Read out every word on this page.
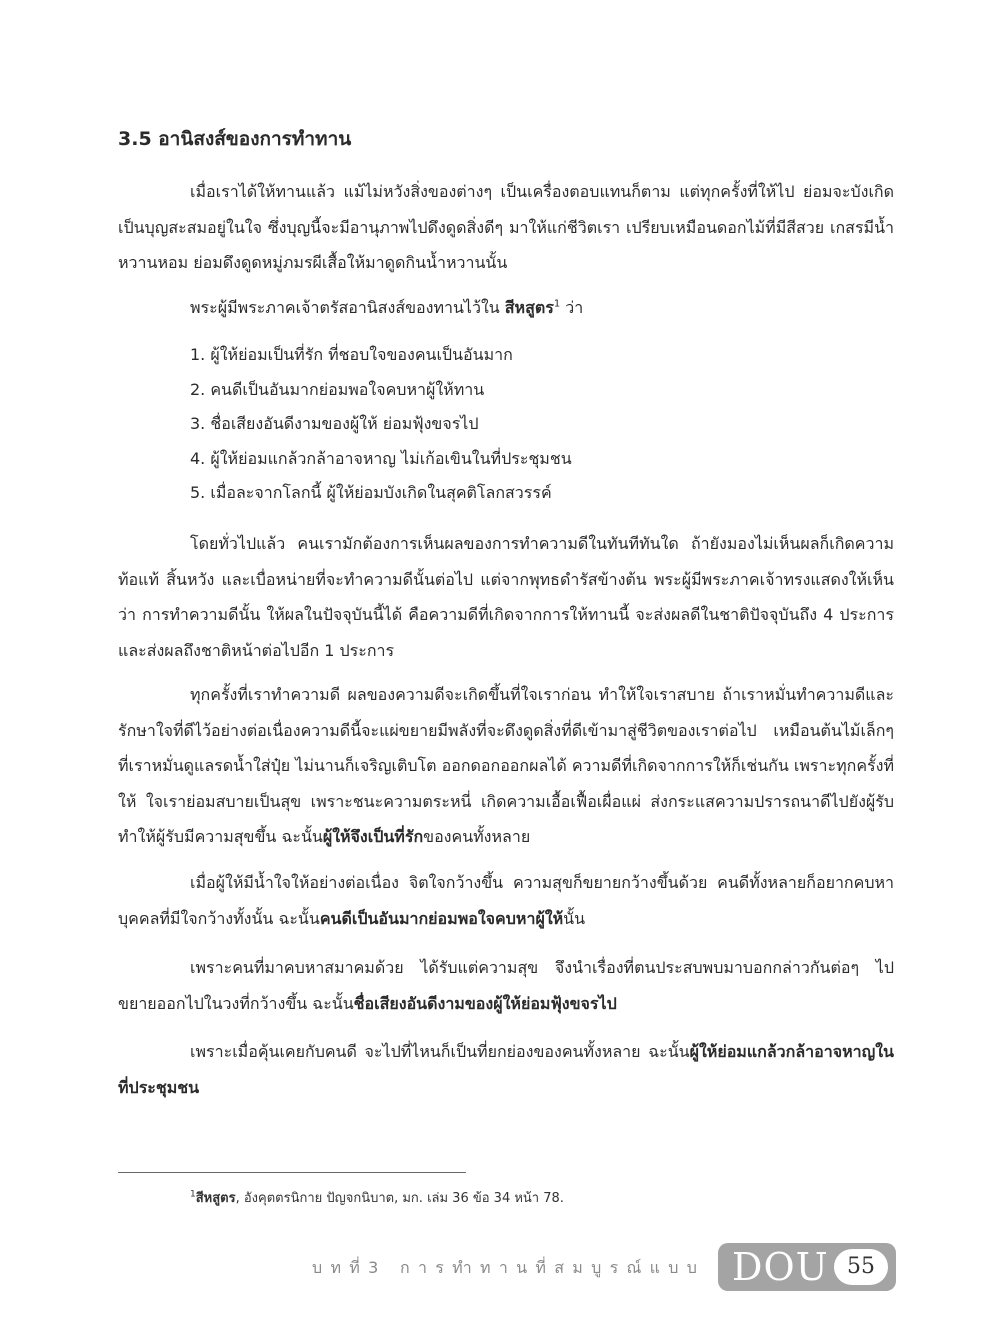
3.5 อานิสงส์ของการทำทาน

เมื่อเราได้ให้ทานแล้ว แม้ไม่หวังสิ่งของต่างๆ เป็นเครื่องตอบแทนก็ตาม แต่ทุกครั้งที่ให้ไป ย่อมจะบังเกิดเป็นบุญสะสมอยู่ในใจ ซึ่งบุญนี้จะมีอานุภาพไปดึงดูดสิ่งดีๆ มาให้แก่ชีวิตเรา เปรียบเหมือนดอกไม้ที่มีสีสวย เกสรมีน้ำหวานหอม ย่อมดึงดูดหมู่ภมรผีเสื้อให้มาดูดกินน้ำหวานนั้น

พระผู้มีพระภาคเจ้าตรัสอานิสงส์ของทานไว้ใน สีหสูตร$^1$ ว่า

1. ผู้ให้ย่อมเป็นที่รัก ที่ชอบใจของคนเป็นอันมาก
2. คนดีเป็นอันมากย่อมพอใจคบหาผู้ให้ทาน
3. ชื่อเสียงอันดีงามของผู้ให้ ย่อมฟุ้งขจรไป
4. ผู้ให้ย่อมแกล้วกล้าอาจหาญ ไม่เก้อเขินในที่ประชุมชน
5. เมื่อละจากโลกนี้ ผู้ให้ย่อมบังเกิดในสุคติโลกสวรรค์

โดยทั่วไปแล้ว คนเรามักต้องการเห็นผลของการทำความดีในทันทีทันใด ถ้ายังมองไม่เห็นผลก็เกิดความท้อแท้ สิ้นหวัง และเบื่อหน่ายที่จะทำความดีนั้นต่อไป แต่จากพุทธดำรัสข้างต้น พระผู้มีพระภาคเจ้าทรงแสดงให้เห็นว่า การทำความดีนั้น ให้ผลในปัจจุบันนี้ได้ คือความดีที่เกิดจากการให้ทานนี้ จะส่งผลดีในชาติปัจจุบันถึง 4 ประการ และส่งผลถึงชาติหน้าต่อไปอีก 1 ประการ

ทุกครั้งที่เราทำความดี ผลของความดีจะเกิดขึ้นที่ใจเราก่อน ทำให้ใจเราสบาย ถ้าเราหมั่นทำความดีและรักษาใจที่ดีไว้อย่างต่อเนื่องความดีนี้จะแผ่ขยายมีพลังที่จะดึงดูดสิ่งที่ดีเข้ามาสู่ชีวิตของเราต่อไป เหมือนต้นไม้เล็กๆ ที่เราหมั่นดูแลรดน้ำใส่ปุ๋ย ไม่นานก็เจริญเติบโต ออกดอกออกผลได้ ความดีที่เกิดจากการให้ก็เช่นกัน เพราะทุกครั้งที่ให้ ใจเราย่อมสบายเป็นสุข เพราะชนะความตระหนี่ เกิดความเอื้อเฟื้อเผื่อแผ่ ส่งกระแสความปรารถนาดีไปยังผู้รับ ทำให้ผู้รับมีความสุขขึ้น ฉะนั้นผู้ให้จึงเป็นที่รักของคนทั้งหลาย

เมื่อผู้ให้มีน้ำใจให้อย่างต่อเนื่อง จิตใจกว้างขึ้น ความสุขก็ขยายกว้างขึ้นด้วย คนดีทั้งหลายก็อยากคบหาบุคคลที่มีใจกว้างทั้งนั้น ฉะนั้นคนดีเป็นอันมากย่อมพอใจคบหาผู้ให้นั้น

เพราะคนที่มาคบหาสมาคมด้วย ได้รับแต่ความสุข จึงนำเรื่องที่ตนประสบพบมาบอกกล่าวกันต่อๆ ไป ขยายออกไปในวงที่กว้างขึ้น ฉะนั้นชื่อเสียงอันดีงามของผู้ให้ย่อมฟุ้งขจรไป

เพราะเมื่อคุ้นเคยกับคนดี จะไปที่ไหนก็เป็นที่ยกย่องของคนทั้งหลาย ฉะนั้นผู้ให้ย่อมแกล้วกล้าอาจหาญในที่ประชุมชน

$^1$สีหสูตร, อังคุตตรนิกาย ปัญจกนิบาต, มก. เล่ม 36 ข้อ 34 หน้า 78.

บทที่3 การทำทานที่สมบูรณ์แบบ DOU 55
